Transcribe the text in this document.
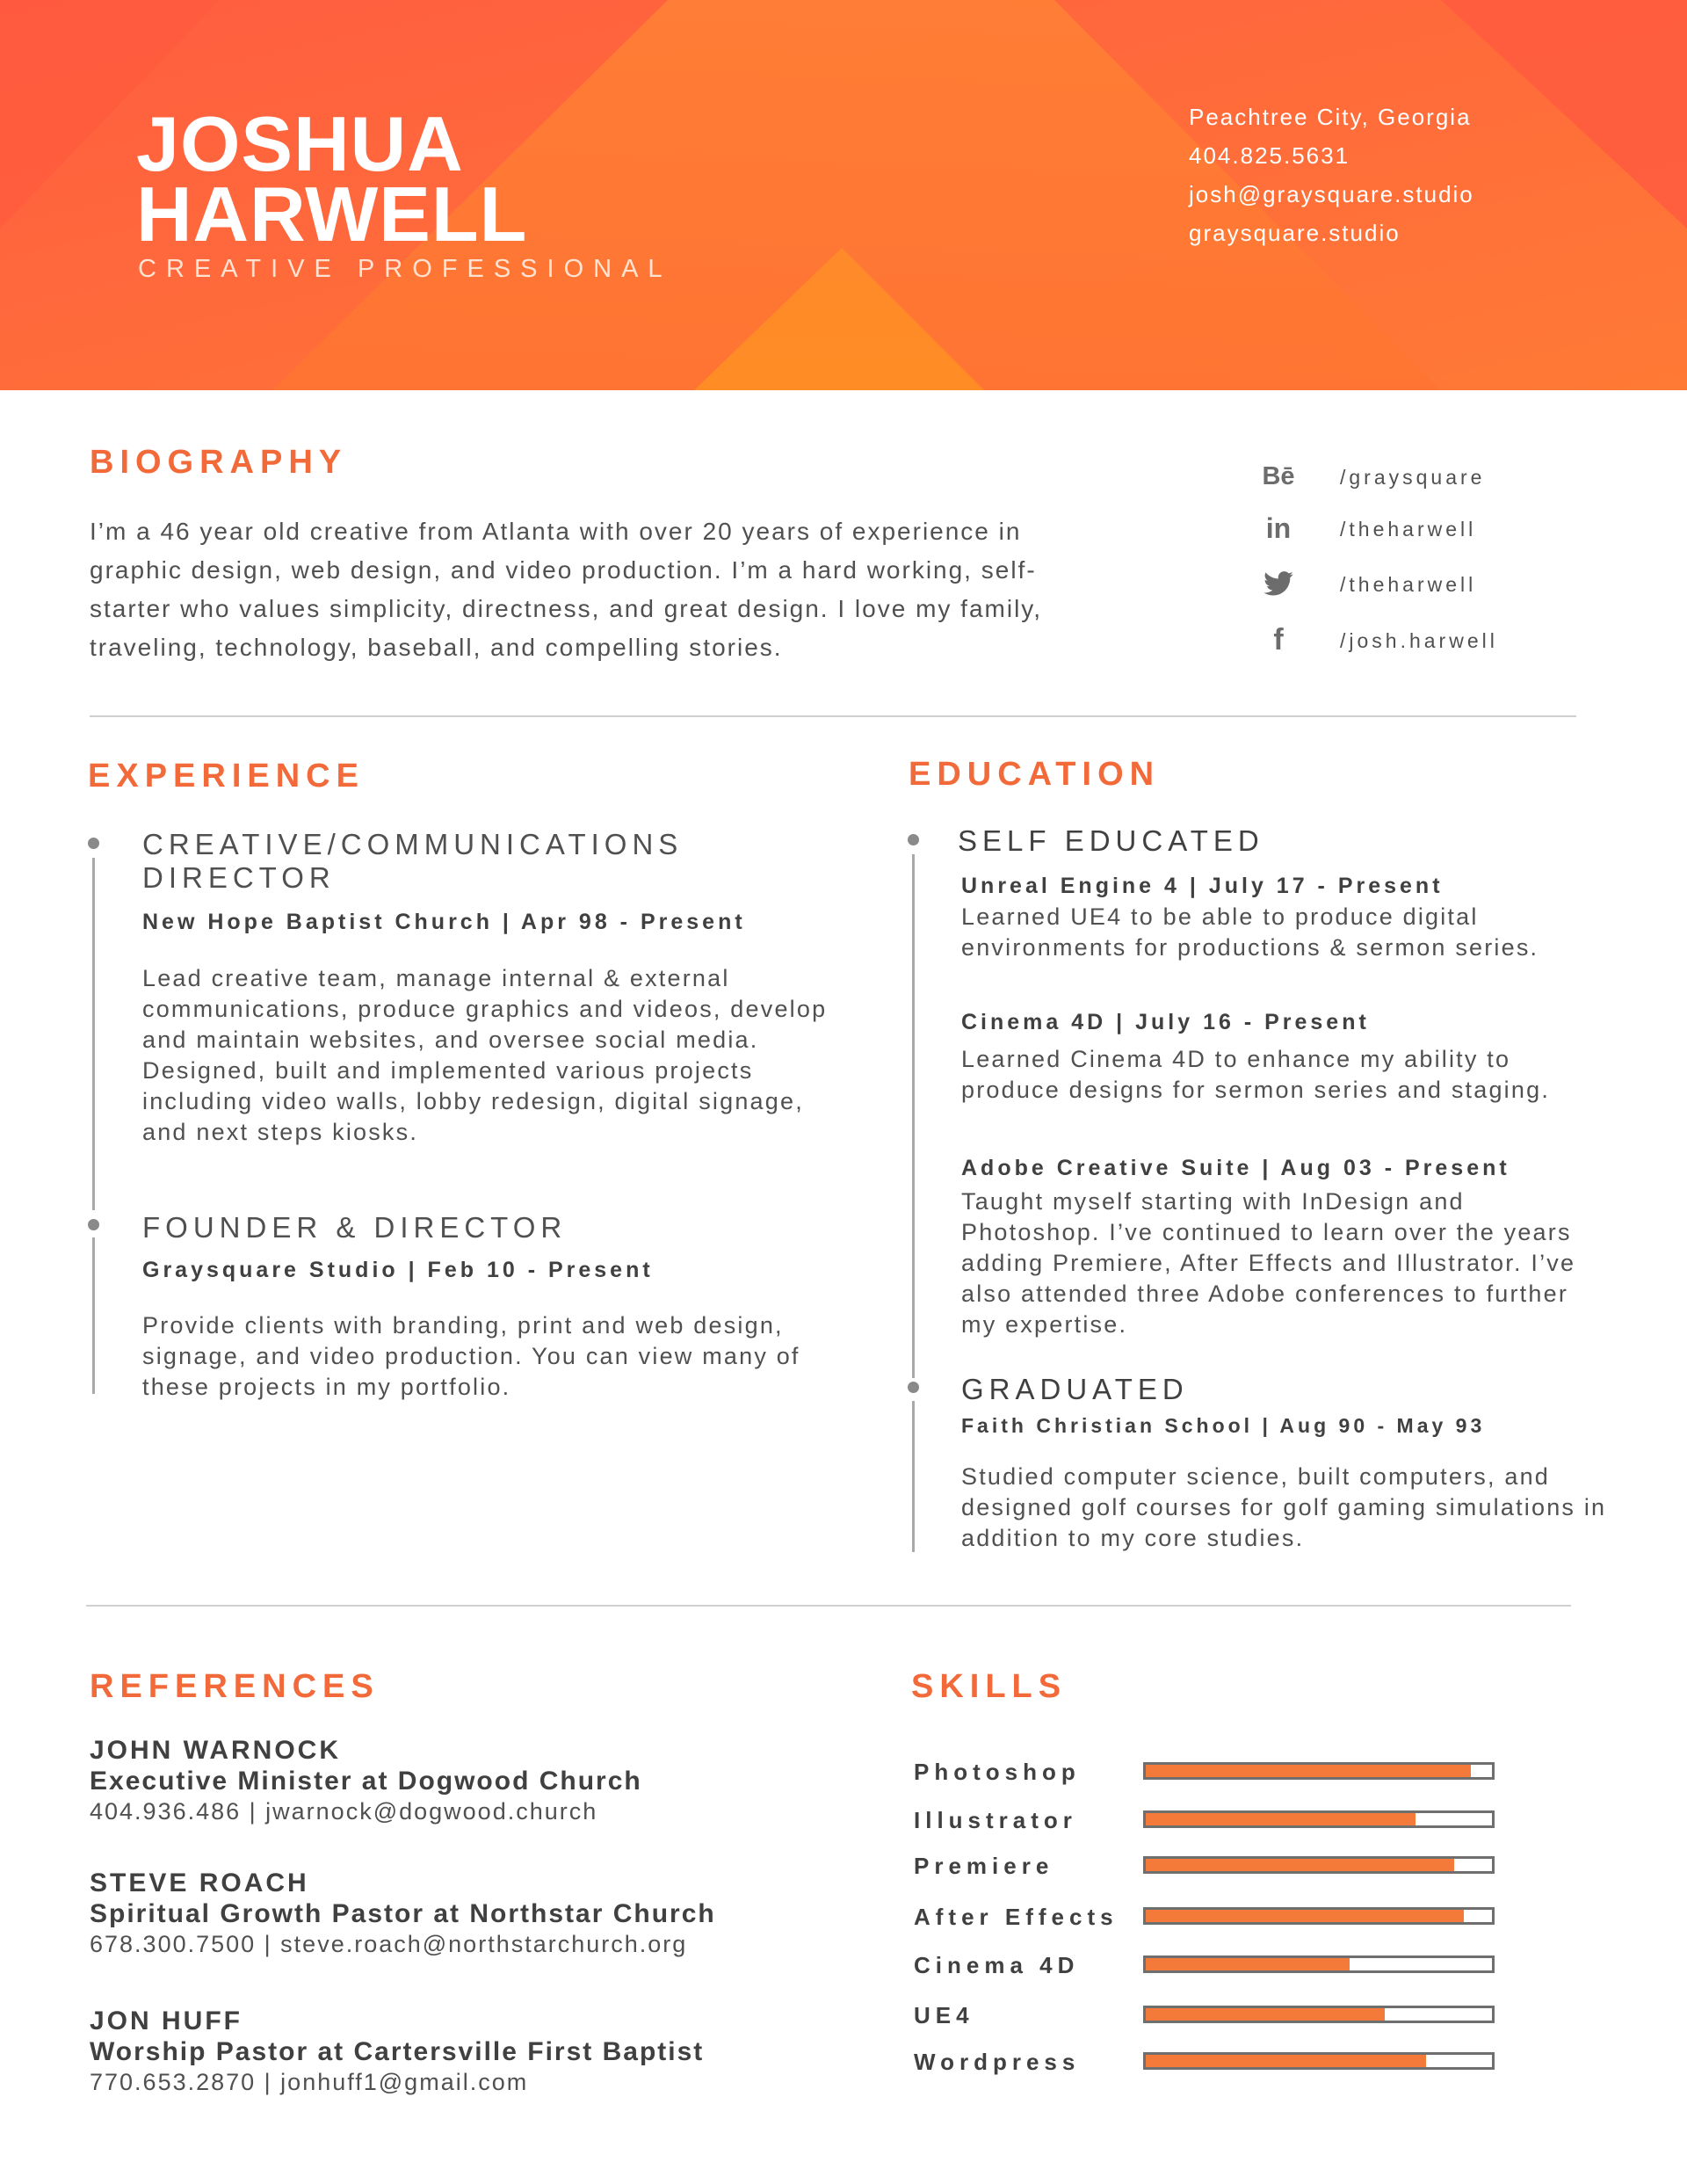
JOSHUA
HARWELL
CREATIVE PROFESSIONAL
Peachtree City, Georgia
404.825.5631
josh@graysquare.studio
graysquare.studio
BIOGRAPHY
I’m a 46 year old creative from Atlanta with over 20 years of experience in graphic design, web design, and video production. I’m a hard working, self-starter who values simplicity, directness, and great design. I love my family, traveling, technology, baseball, and compelling stories.
Bē /graysquare
in /theharwell
/theharwell
f	/josh.harwell
EXPERIENCE
CREATIVE/COMMUNICATIONS
DIRECTOR
New Hope Baptist Church | Apr 98 - Present
Lead creative team, manage internal & external communications, produce graphics and videos, develop and maintain websites, and oversee social media. Designed, built and implemented various projects including video walls, lobby redesign, digital signage, and next steps kiosks.
FOUNDER & DIRECTOR
Graysquare Studio | Feb 10 - Present
Provide clients with branding, print and web design, signage, and video production. You can view many of these projects in my portfolio.
EDUCATION
SELF EDUCATED
Unreal Engine 4 | July 17 - Present
Learned UE4 to be able to produce digital environments for productions & sermon series.
Cinema 4D | July 16 - Present
Learned Cinema 4D to enhance my ability to produce designs for sermon series and staging.
Adobe Creative Suite | Aug 03 - Present
Taught myself starting with InDesign and Photoshop. I’ve continued to learn over the years adding Premiere, After Effects and Illustrator. I’ve also attended three Adobe conferences to further my expertise.
GRADUATED
Faith Christian School | Aug 90 - May 93
Studied computer science, built computers, and designed golf courses for golf gaming simulations in addition to my core studies.
REFERENCES
JOHN WARNOCK
Executive Minister at Dogwood Church
404.936.486 | jwarnock@dogwood.church
STEVE ROACH
Spiritual Growth Pastor at Northstar Church
678.300.7500 | steve.roach@northstarchurch.org
JON HUFF
Worship Pastor at Cartersville First Baptist
770.653.2870 | jonhuff1@gmail.com
SKILLS
Photoshop
Illustrator
Premiere
After Effects
Cinema 4D
UE4
Wordpress
